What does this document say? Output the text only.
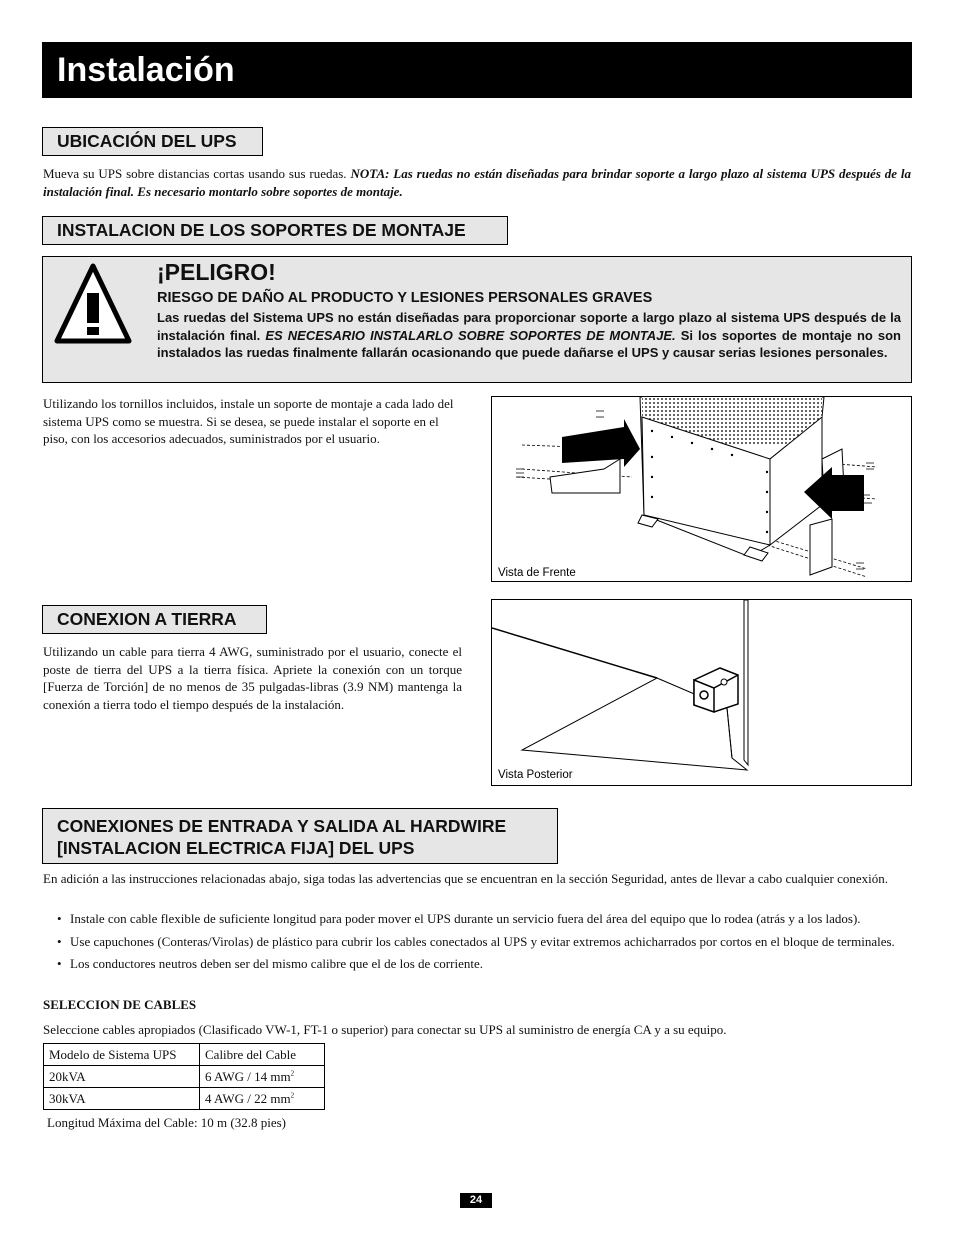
Instalación
UBICACIÓN DEL UPS

Mueva su UPS sobre distancias cortas usando sus ruedas. NOTA: Las ruedas no están diseñadas para brindar soporte a largo plazo al sistema UPS después de la instalación final. Es necesario montarlo sobre soportes de montaje.

INSTALACION DE LOS SOPORTES DE MONTAJE
¡PELIGRO!
RIESGO DE DAÑO AL PRODUCTO Y LESIONES PERSONALES GRAVES

Las ruedas del Sistema UPS no están diseñadas para proporcionar soporte a largo plazo al sistema UPS después de la instalación final. ES NECESARIO INSTALARLO SOBRE SOPORTES DE MONTAJE. Si los soportes de montaje no son instalados las ruedas finalmente fallarán ocasionando que puede dañarse el UPS y causar serias lesiones personales.

Utilizando los tornillos incluidos, instale un soporte de montaje a cada lado del sistema UPS como se muestra. Si se desea, se puede instalar el soporte en el piso, con los accesorios adecuados, suministrados por el usuario.

Vista de Frente
CONEXION A TIERRA

Utilizando un cable para tierra 4 AWG, suministrado por el usuario, conecte el poste de tierra del UPS a la tierra física. Apriete la conexión con un torque [Fuerza de Torción] de no menos de 35 pulgadas-libras (3.9 NM) mantenga la conexión a tierra todo el tiempo después de la instalación.

Vista Posterior
CONEXIONES DE ENTRADA Y SALIDA AL HARDWIRE
[INSTALACION ELECTRICA FIJA] DEL UPS

En adición a las instrucciones relacionadas abajo, siga todas las advertencias que se encuentran en la sección Seguridad, antes de llevar a cabo cualquier conexión.

• Instale con cable flexible de suficiente longitud para poder mover el UPS durante un servicio fuera del área del equipo que lo rodea (atrás y a los lados).
• Use capuchones (Conteras/Virolas) de plástico para cubrir los cables conectados al UPS y evitar extremos achicharrados por cortos en el bloque de terminales.
• Los conductores neutros deben ser del mismo calibre que el de los de corriente.
SELECCION DE CABLES

Seleccione cables apropiados (Clasificado VW-1, FT-1 o superior) para conectar su UPS al suministro de energía CA y a su equipo.

Modelo de Sistema UPS	Calibre del Cable
20kVA	6 AWG / 14 $mm^2$
30kVA	4 AWG / 22 $mm^2$
Longitud Máxima del Cable: 10 m (32.8 pies)
24
